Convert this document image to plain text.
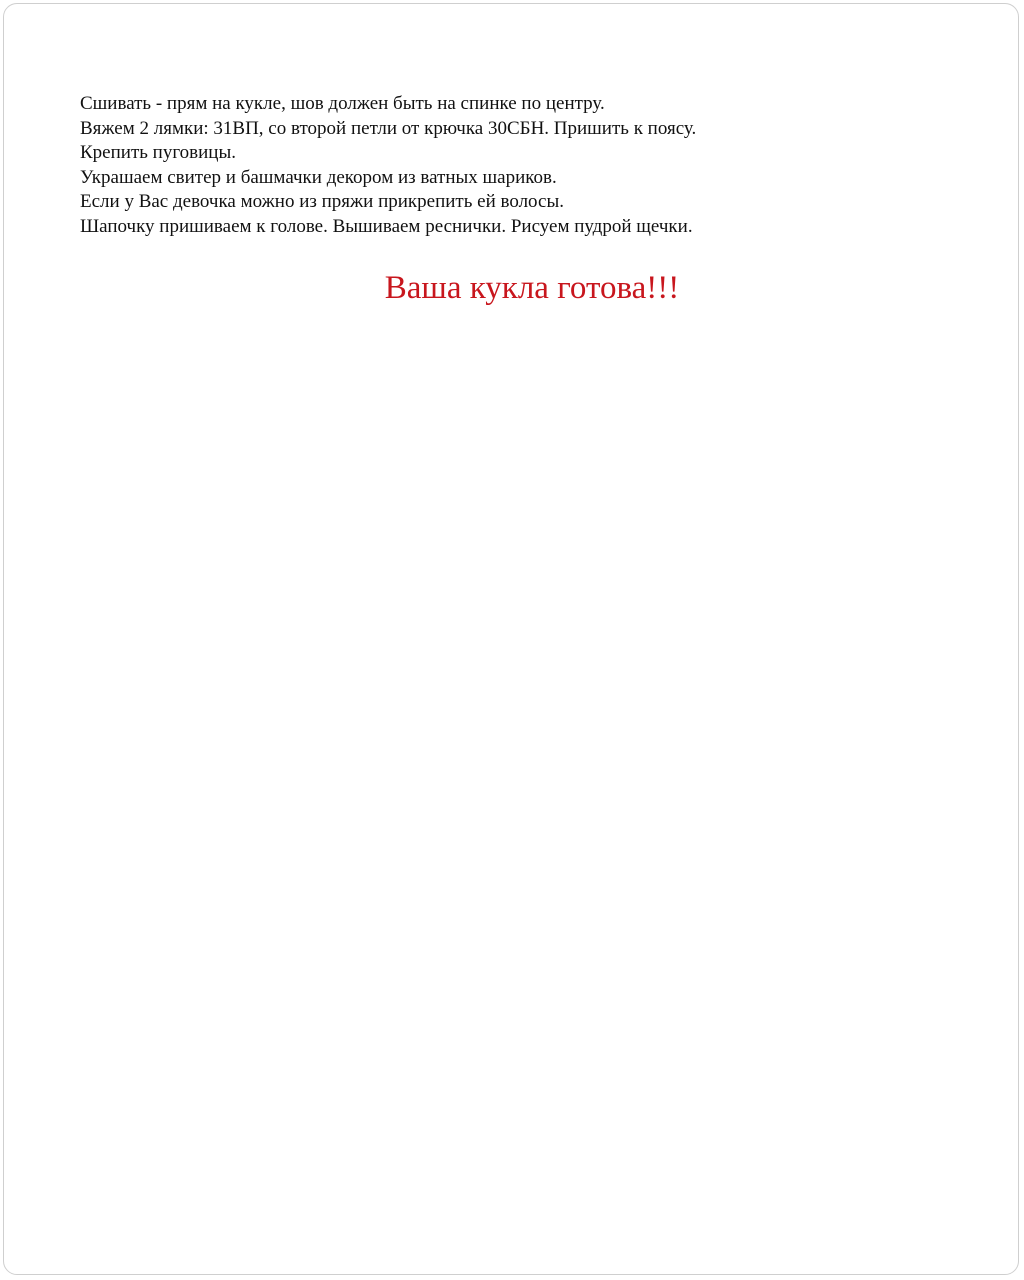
Сшивать - прям на кукле, шов должен быть на спинке по центру.

Вяжем 2 лямки: 31ВП, со второй петли от крючка 30СБН. Пришить к поясу.

Крепить пуговицы.

Украшаем свитер и башмачки декором из ватных шариков.

Если у Вас девочка можно из пряжи прикрепить ей волосы.

Шапочку пришиваем к голове. Вышиваем реснички. Рисуем пудрой щечки.

Ваша кукла готова!!!
